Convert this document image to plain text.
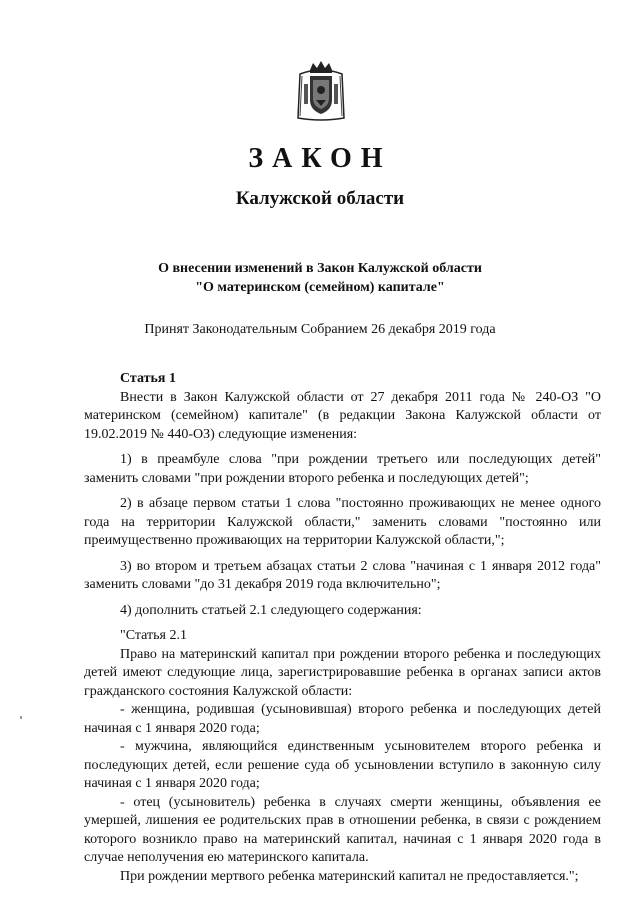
ЗАКОН
Калужской области
О внесении изменений в Закон Калужской области
"О материнском (семейном) капитале"
Принят Законодательным Собранием 26 декабря 2019 года

Статья 1

Внести в Закон Калужской области от 27 декабря 2011 года № 240-ОЗ "О материнском (семейном) капитале" (в редакции Закона Калужской области от 19.02.2019 № 440-ОЗ) следующие изменения:

1) в преамбуле слова "при рождении третьего или последующих детей" заменить словами "при рождении второго ребенка и последующих детей";

2) в абзаце первом статьи 1 слова "постоянно проживающих не менее одного года на территории Калужской области," заменить словами "постоянно или преимущественно проживающих на территории Калужской области,";

3) во втором и третьем абзацах статьи 2 слова "начиная с 1 января 2012 года" заменить словами "до 31 декабря 2019 года включительно";

4) дополнить статьей 2.1 следующего содержания:

"Статья 2.1

Право на материнский капитал при рождении второго ребенка и последующих детей имеют следующие лица, зарегистрировавшие ребенка в органах записи актов гражданского состояния Калужской области:

- женщина, родившая (усыновившая) второго ребенка и последующих детей начиная с 1 января 2020 года;

- мужчина, являющийся единственным усыновителем второго ребенка и последующих детей, если решение суда об усыновлении вступило в законную силу начиная с 1 января 2020 года;

- отец (усыновитель) ребенка в случаях смерти женщины, объявления ее умершей, лишения ее родительских прав в отношении ребенка, в связи с рождением которого возникло право на материнский капитал, начиная с 1 января 2020 года в случае неполучения ею материнского капитала.

При рождении мертвого ребенка материнский капитал не предоставляется.";
